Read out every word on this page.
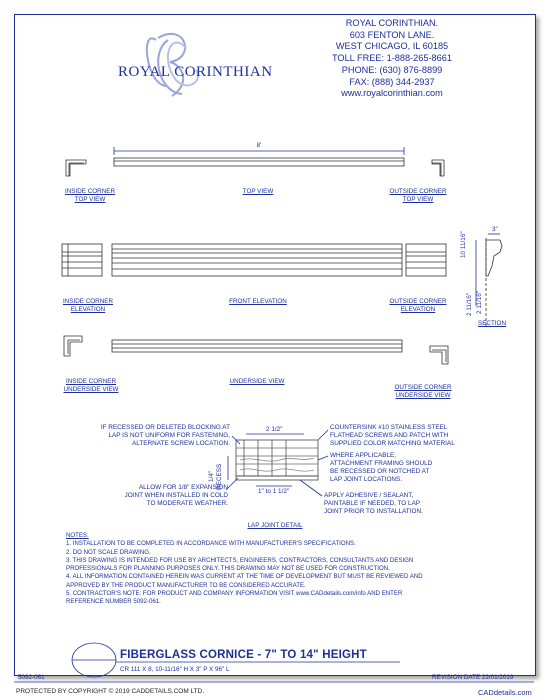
ROYAL CORINTHIAN
ROYAL CORINTHIAN.
603 FENTON LANE.
WEST CHICAGO, IL 60185
TOLL FREE: 1-888-265-8661
PHONE: (630) 876-8899
FAX: (888) 344-2937
www.royalcorinthian.com
INSIDE CORNER
TOP VIEW
TOP VIEW
8'
OUTSIDE CORNER
TOP VIEW
INSIDE CORNER
ELEVATION
FRONT ELEVATION	OUTSIDE CORNER
ELEVATION
SECTION
3"
10 11/16"
2 11/16" 2 11/16"
INSIDE CORNER
UNDERSIDE VIEW
UNDERSIDE VIEW
OUTSIDE CORNER
UNDERSIDE VIEW
IF RECESSED OR DELETED BLOCKING AT
LAP IS NOT UNIFORM FOR FASTENING,
ALTERNATE SCREW LOCATION.
ALLOW FOR 1/8" EXPANSION
JOINT WHEN INSTALLED IN COLD
TO MODERATE WEATHER.
COUNTERSINK #10 STAINLESS STEEL
FLATHEAD SCREWS AND PATCH WITH
SUPPLIED COLOR MATCHING MATERIAL
WHERE APPLICABLE,
ATTACHMENT FRAMING SHOULD
BE RECESSED OR NOTCHED AT
LAP JOINT LOCATIONS.
APPLY ADHESIVE / SEALANT,
PAINTABLE IF NEEDED, TO LAP
JOINT PRIOR TO INSTALLATION.
2 1/2"
1" to 1 1/2"
1/4" RECESS
LAP JOINT DETAIL
NOTES:
1. INSTALLATION TO BE COMPLETED IN ACCORDANCE WITH MANUFACTURER'S SPECIFICATIONS.
2. DO NOT SCALE DRAWING.
3. THIS DRAWING IS INTENDED FOR USE BY ARCHITECTS, ENGINEERS, CONTRACTORS, CONSULTANTS AND DESIGN
PROFESSIONALS FOR PLANNING PURPOSES ONLY. THIS DRAWING MAY NOT BE USED FOR CONSTRUCTION.
4. ALL INFORMATION CONTAINED HEREIN WAS CURRENT AT THE TIME OF DEVELOPMENT BUT MUST BE REVIEWED AND
APPROVED BY THE PRODUCT MANUFACTURER TO BE CONSIDERED ACCURATE.
5. CONTRACTOR'S NOTE: FOR PRODUCT AND COMPANY INFORMATION VISIT www.CADdetails.com/info AND ENTER
REFERENCE NUMBER 5092-061.
FIBERGLASS CORNICE - 7" TO 14" HEIGHT
CR 111 X 8, 10-11/16" H X 3" P X 96" L
5092-061	REVISION DATE 22/01/2019
PROTECTED BY COPYRIGHT © 2019 CADDETAILS.COM LTD.	CADdetails.com
